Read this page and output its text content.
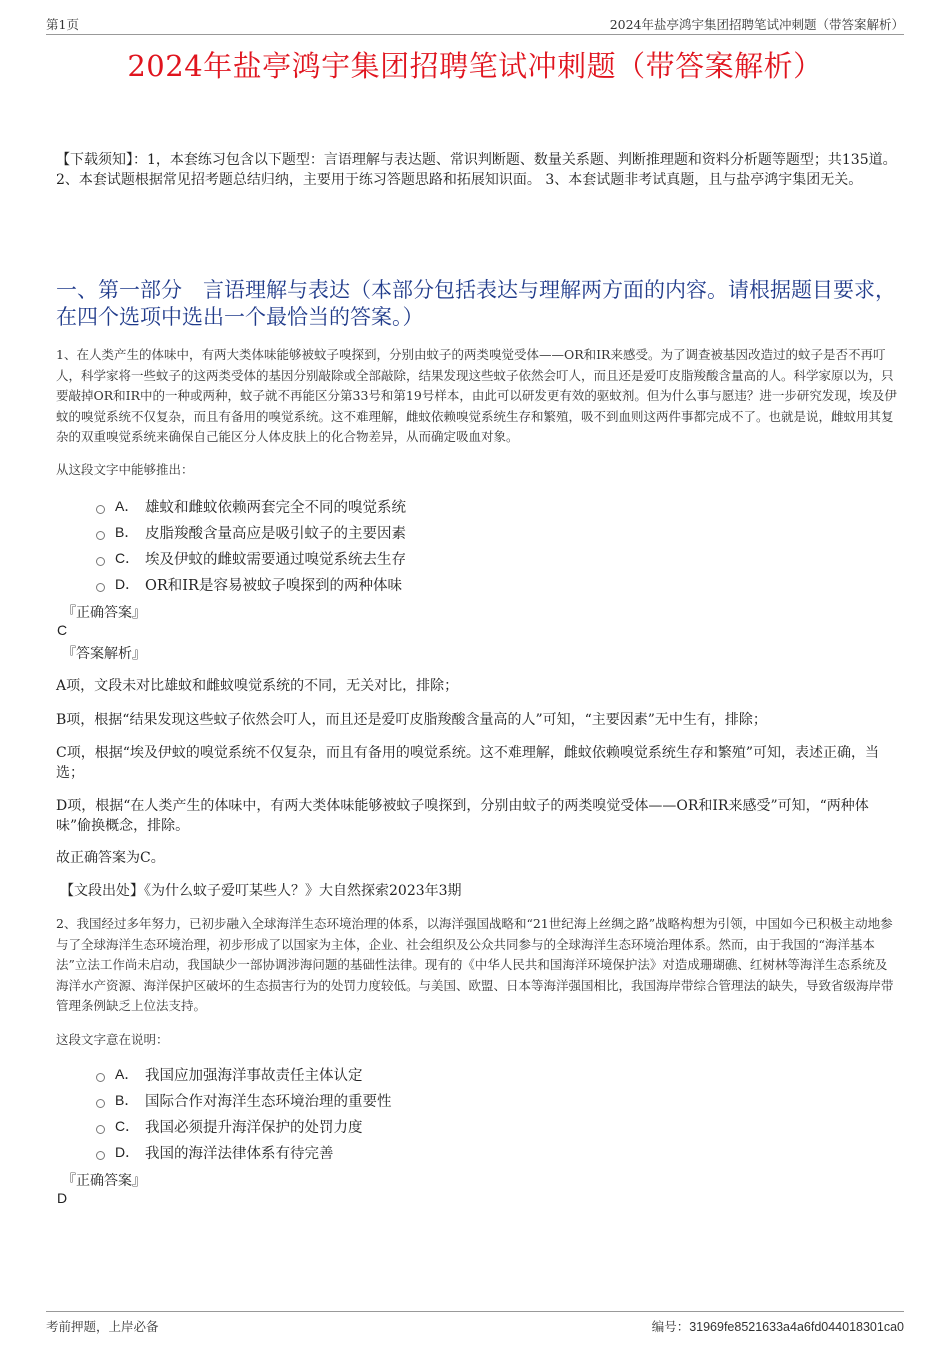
第1页	2024年盐亭鸿宇集团招聘笔试冲刺题（带答案解析）
2024年盐亭鸿宇集团招聘笔试冲刺题（带答案解析）
【下载须知】：1，本套练习包含以下题型：言语理解与表达题、常识判断题、数量关系题、判断推理题和资料分析题等题型；共135道。 2、本套试题根据常见招考题总结归纳，主要用于练习答题思路和拓展知识面。 3、本套试题非考试真题，且与盐亭鸿宇集团无关。
一、第一部分　言语理解与表达（本部分包括表达与理解两方面的内容。请根据题目要求，在四个选项中选出一个最恰当的答案。）
1、在人类产生的体味中，有两大类体味能够被蚊子嗅探到，分别由蚊子的两类嗅觉受体——OR和IR来感受。为了调查被基因改造过的蚊子是否不再叮人，科学家将一些蚊子的这两类受体的基因分别敲除或全部敲除，结果发现这些蚊子依然会叮人，而且还是爱叮皮脂羧酸含量高的人。科学家原以为，只要敲掉OR和IR中的一种或两种，蚊子就不再能区分第33号和第19号样本，由此可以研发更有效的驱蚊剂。但为什么事与愿违？进一步研究发现，埃及伊蚊的嗅觉系统不仅复杂，而且有备用的嗅觉系统。这不难理解，雌蚊依赖嗅觉系统生存和繁殖，吸不到血则这两件事都完成不了。也就是说，雌蚊用其复杂的双重嗅觉系统来确保自己能区分人体皮肤上的化合物差异，从而确定吸血对象。
从这段文字中能够推出：
A． 雄蚊和雌蚊依赖两套完全不同的嗅觉系统
B． 皮脂羧酸含量高应是吸引蚊子的主要因素
C． 埃及伊蚊的雌蚊需要通过嗅觉系统去生存
D． OR和IR是容易被蚊子嗅探到的两种体味
『正确答案』
C
『答案解析』
A项，文段未对比雄蚊和雌蚊嗅觉系统的不同，无关对比，排除；
B项，根据“结果发现这些蚊子依然会叮人，而且还是爱叮皮脂羧酸含量高的人”可知，“主要因素”无中生有，排除；
C项，根据“埃及伊蚊的嗅觉系统不仅复杂，而且有备用的嗅觉系统。这不难理解，雌蚊依赖嗅觉系统生存和繁殖”可知，表述正确，当选；
D项，根据“在人类产生的体味中，有两大类体味能够被蚊子嗅探到，分别由蚊子的两类嗅觉受体——OR和IR来感受”可知，“两种体味”偷换概念，排除。
故正确答案为C。
【文段出处】《为什么蚊子爱叮某些人？》大自然探索2023年3期
2、我国经过多年努力，已初步融入全球海洋生态环境治理的体系，以海洋强国战略和“21世纪海上丝绸之路”战略构想为引领，中国如今已积极主动地参与了全球海洋生态环境治理，初步形成了以国家为主体，企业、社会组织及公众共同参与的全球海洋生态环境治理体系。然而，由于我国的“海洋基本法”立法工作尚未启动，我国缺少一部协调涉海问题的基础性法律。现有的《中华人民共和国海洋环境保护法》对造成珊瑚礁、红树林等海洋生态系统及海洋水产资源、海洋保护区破坏的生态损害行为的处罚力度较低。与美国、欧盟、日本等海洋强国相比，我国海岸带综合管理法的缺失，导致省级海岸带管理条例缺乏上位法支持。
这段文字意在说明：
A． 我国应加强海洋事故责任主体认定
B． 国际合作对海洋生态环境治理的重要性
C． 我国必须提升海洋保护的处罚力度
D． 我国的海洋法律体系有待完善
『正确答案』
D
考前押题，上岸必备	编号：31969fe8521633a4a6fd044018301ca0
